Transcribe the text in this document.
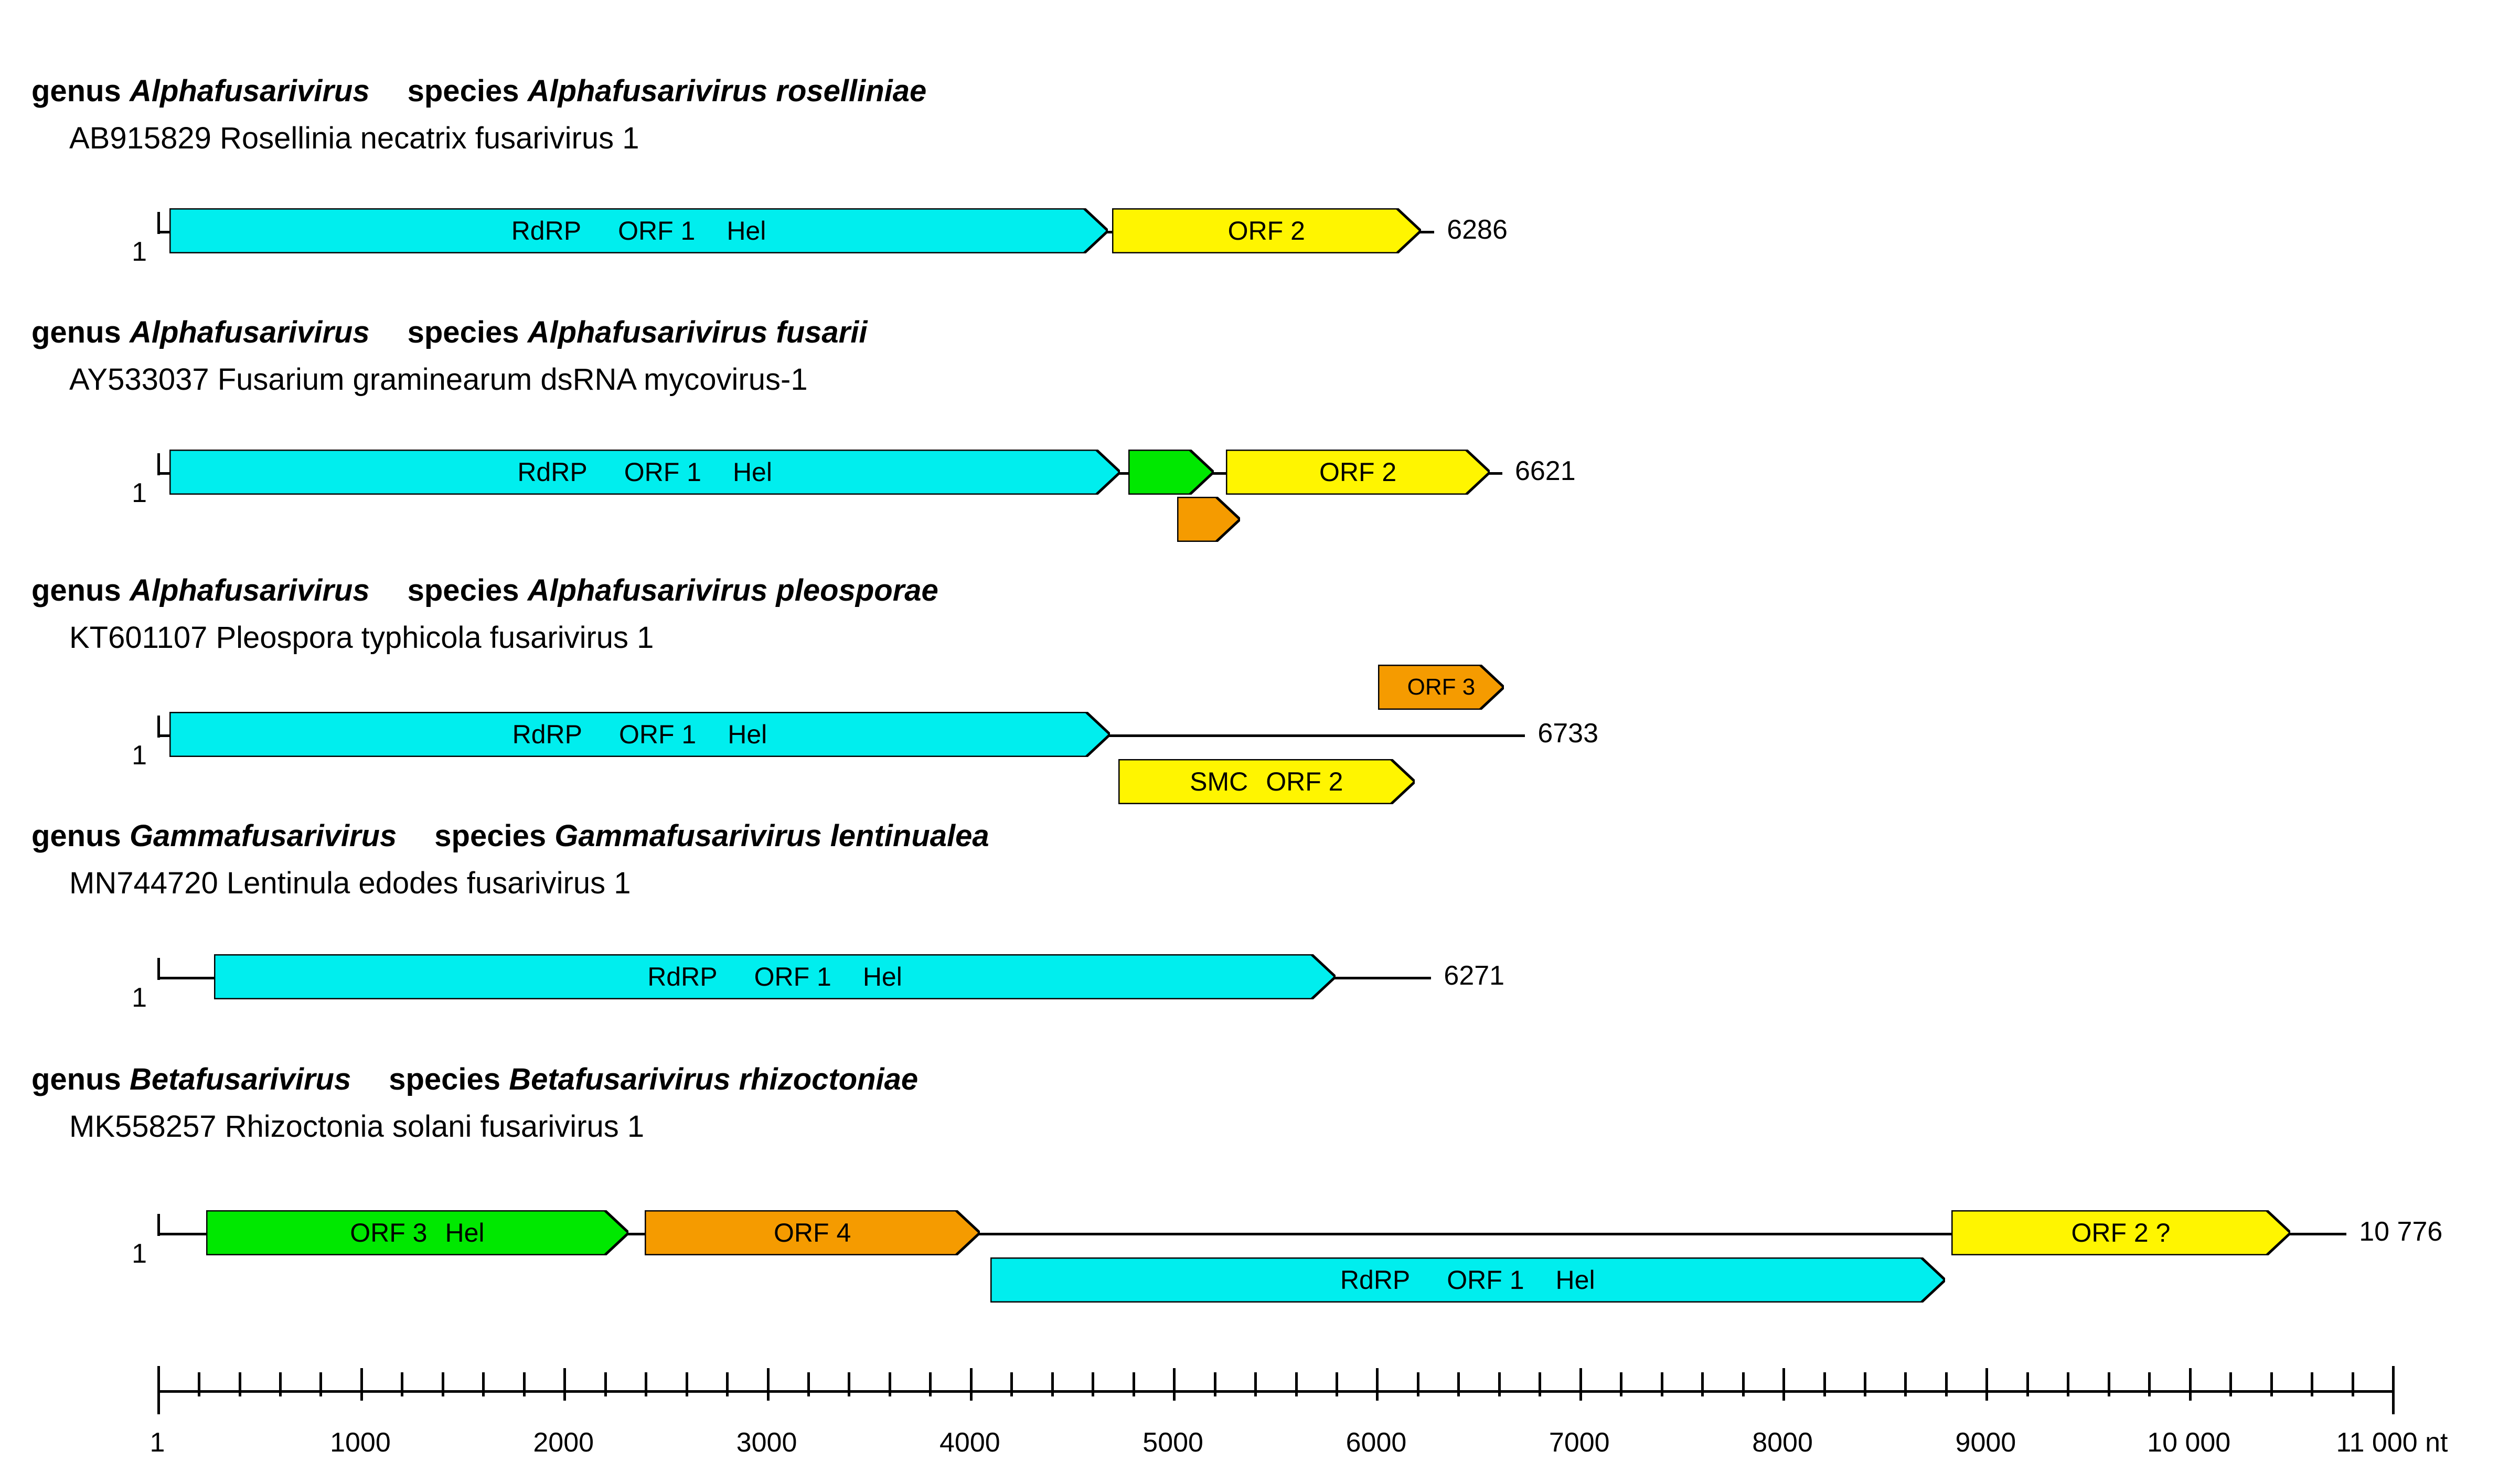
genus Alphafusarivirus species Alphafusarivirus roselliniae
AB915829 Rosellinia necatrix fusarivirus 1
1
6286
RdRP ORF 1 Hel	ORF 2
genus Alphafusarivirus species Alphafusarivirus fusarii
AY533037 Fusarium graminearum dsRNA mycovirus-1
1
6621
RdRP ORF 1 Hel	ORF 2
genus Alphafusarivirus species Alphafusarivirus pleosporae
KT601107 Pleospora typhicola fusarivirus 1
1
6733
RdRP ORF 1 Hel
ORF 3
SMC ORF 2
genus Gammafusarivirus species Gammafusarivirus lentinualea
MN744720 Lentinula edodes fusarivirus 1
1
6271
RdRP ORF 1 Hel
genus Betafusarivirus species Betafusarivirus rhizoctoniae
MK558257 Rhizoctonia solani fusarivirus 1
1
10 776
ORF 3 Hel	ORF 4	ORF 2 ?
RdRP ORF 1 Hel
1	1000	2000	3000	4000	5000	6000	7000	8000	9000	10 000	11 000 nt
